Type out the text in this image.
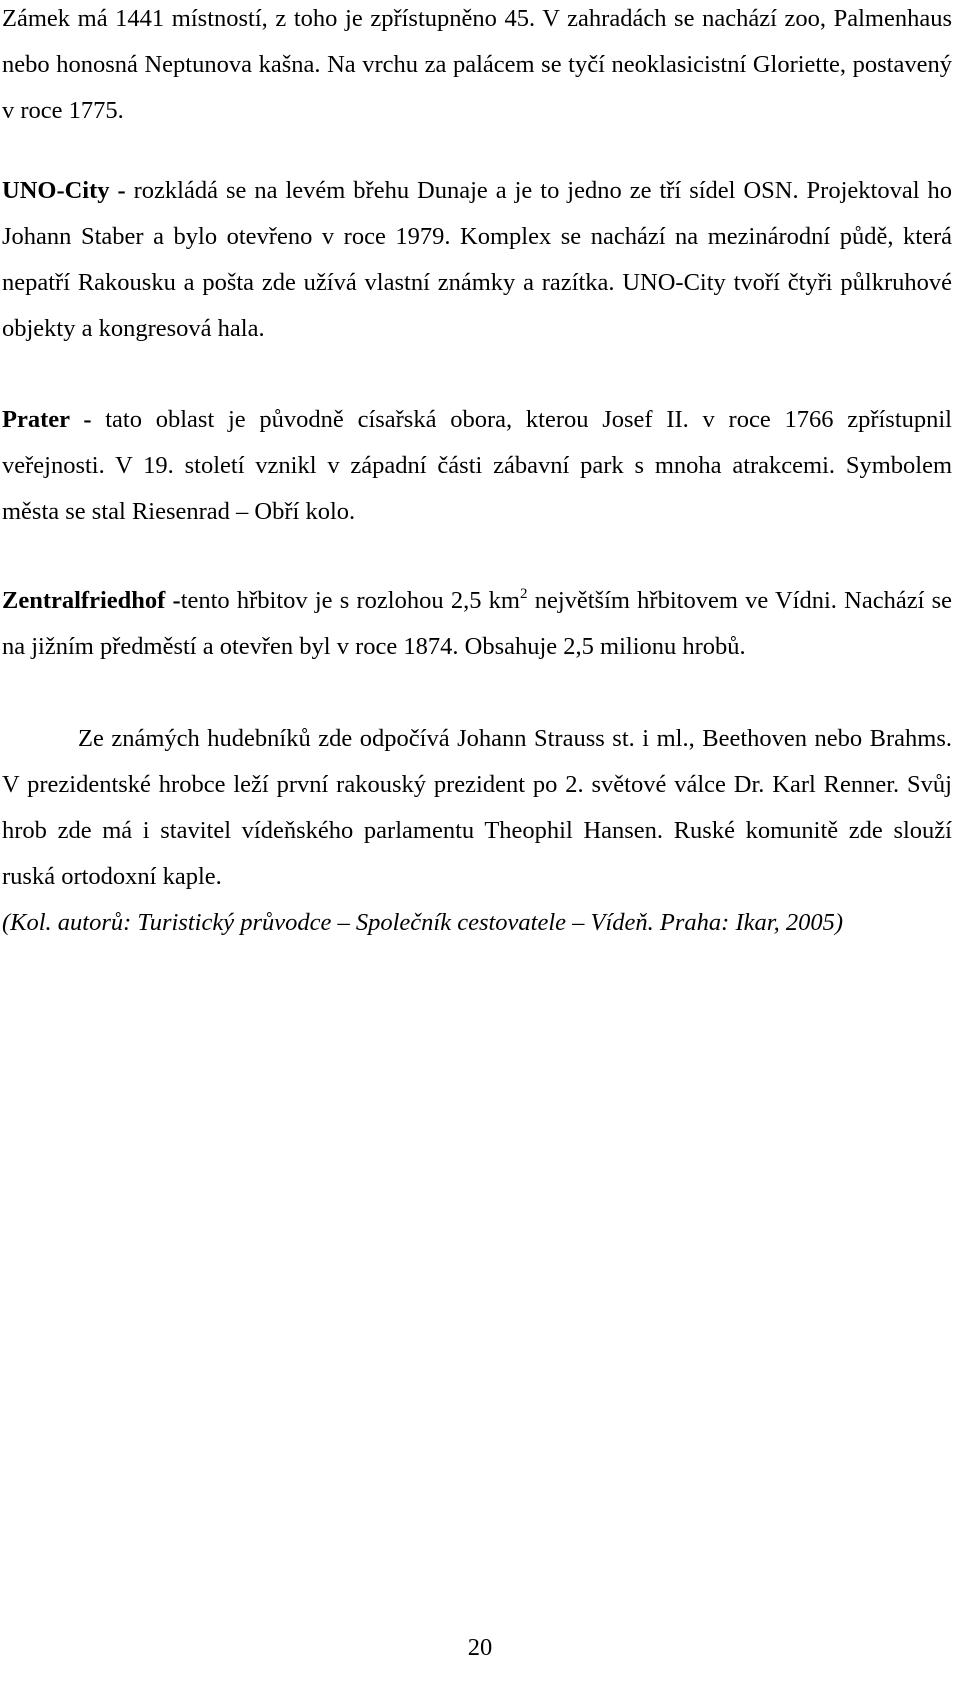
Zámek má 1441 místností, z toho je zpřístupněno 45. V zahradách se nachází zoo, Palmenhaus nebo honosná Neptunova kašna. Na vrchu za palácem se tyčí neoklasicistní Gloriette, postavený v roce 1775.

UNO-City - rozkládá se na levém břehu Dunaje a je to jedno ze tří sídel OSN. Projektoval ho Johann Staber a bylo otevřeno v roce 1979. Komplex se nachází na mezinárodní půdě, která nepatří Rakousku a pošta zde užívá vlastní známky a razítka. UNO-City tvoří čtyři půlkruhové objekty a kongresová hala.

Prater - tato oblast je původně císařská obora, kterou Josef II. v roce 1766 zpřístupnil veřejnosti. V 19. století vznikl v západní části zábavní park s mnoha atrakcemi. Symbolem města se stal Riesenrad – Obří kolo.

Zentralfriedhof -tento hřbitov je s rozlohou 2,5 $km^2$ největším hřbitovem ve Vídni. Nachází se na jižním předměstí a otevřen byl v roce 1874. Obsahuje 2,5 milionu hrobů.

Ze známých hudebníků zde odpočívá Johann Strauss st. i ml., Beethoven nebo Brahms. V prezidentské hrobce leží první rakouský prezident po 2. světové válce Dr. Karl Renner. Svůj hrob zde má i stavitel vídeňského parlamentu Theophil Hansen. Ruské komunitě zde slouží ruská ortodoxní kaple.

(Kol. autorů: Turistický průvodce – Společník cestovatele – Vídeň. Praha: Ikar, 2005)

20
